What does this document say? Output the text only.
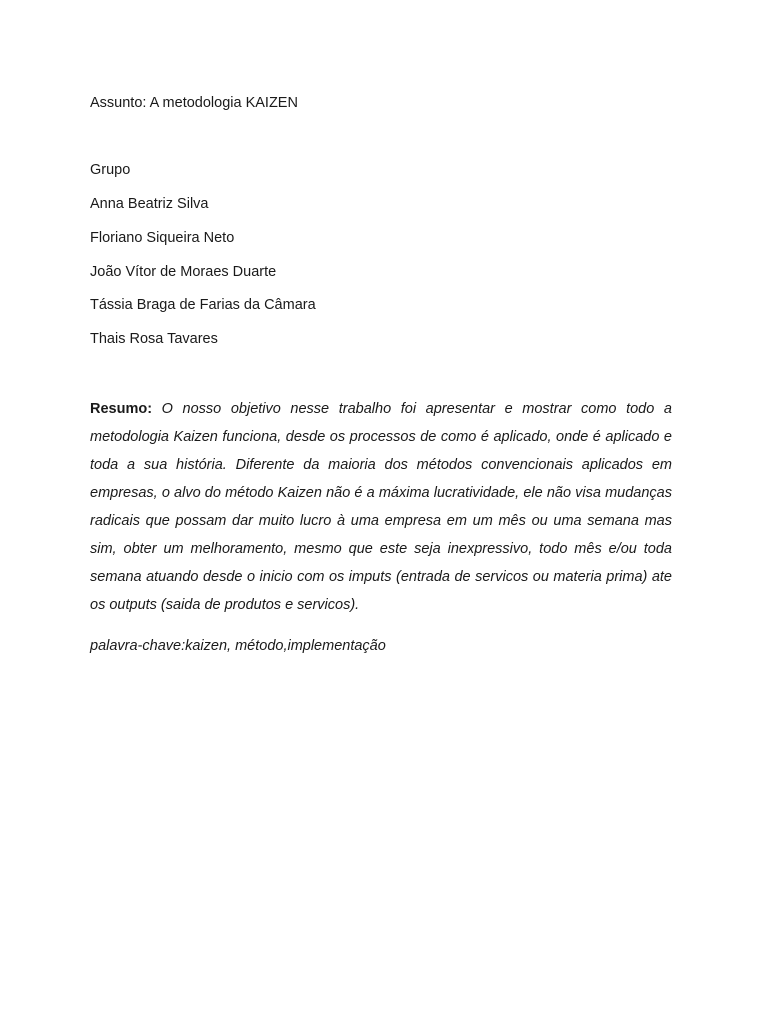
Assunto: A metodologia KAIZEN
Grupo
Anna Beatriz Silva
Floriano Siqueira Neto
João Vítor de Moraes Duarte
Tássia Braga de Farias da Câmara
Thais Rosa Tavares

Resumo: O nosso objetivo nesse trabalho foi apresentar e mostrar como todo a metodologia Kaizen funciona, desde os processos de como é aplicado, onde é aplicado e toda a sua história. Diferente da maioria dos métodos convencionais aplicados em empresas, o alvo do método Kaizen não é a máxima lucratividade, ele não visa mudanças radicais que possam dar muito lucro à uma empresa em um mês ou uma semana mas sim, obter um melhoramento, mesmo que este seja inexpressivo, todo mês e/ou toda semana atuando desde o inicio com os imputs (entrada de servicos ou materia prima) ate os outputs (saida de produtos e servicos).

palavra-chave:kaizen, método,implementação
